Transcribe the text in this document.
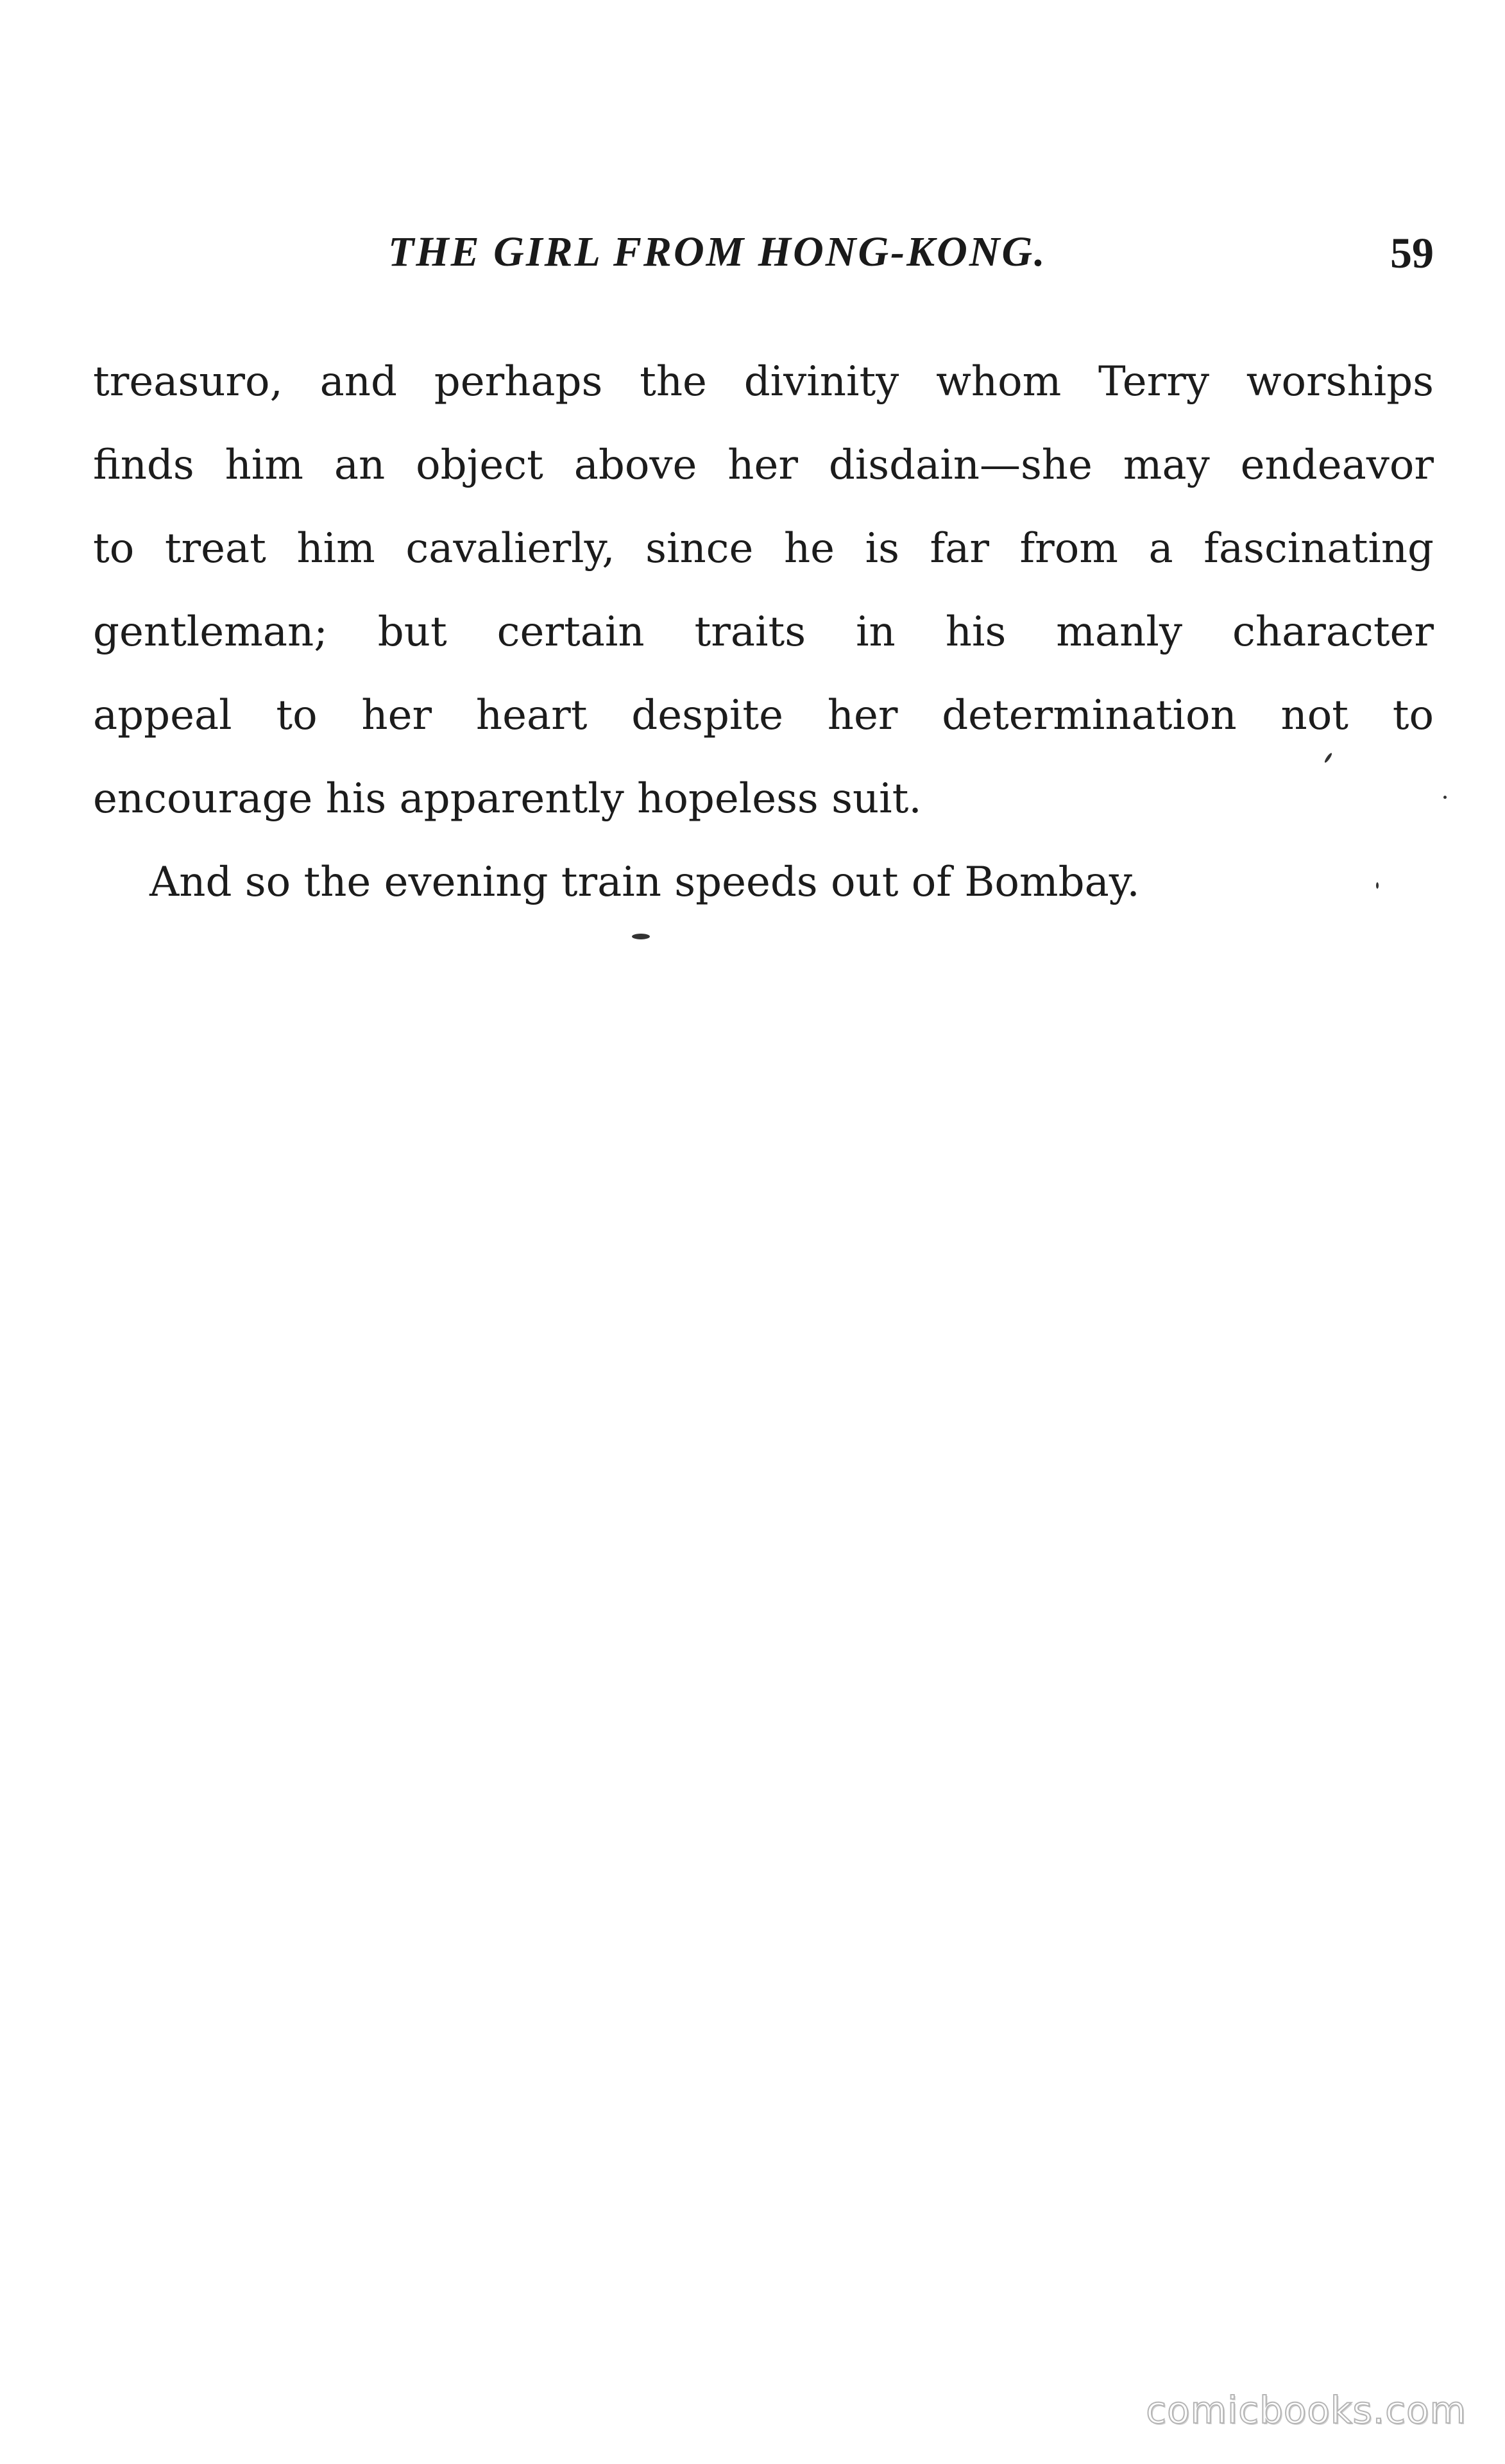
THE GIRL FROM HONG-KONG.	59
treasuro, and perhaps the divinity whom Terry worships
finds him an object above her disdain—she may endeavor
to treat him cavalierly, since he is far from a fascinating
gentleman; but certain traits in his manly character
appeal to her heart despite her determination not to
encourage his apparently hopeless suit.
And so the evening train speeds out of Bombay.
comicbooks.com
